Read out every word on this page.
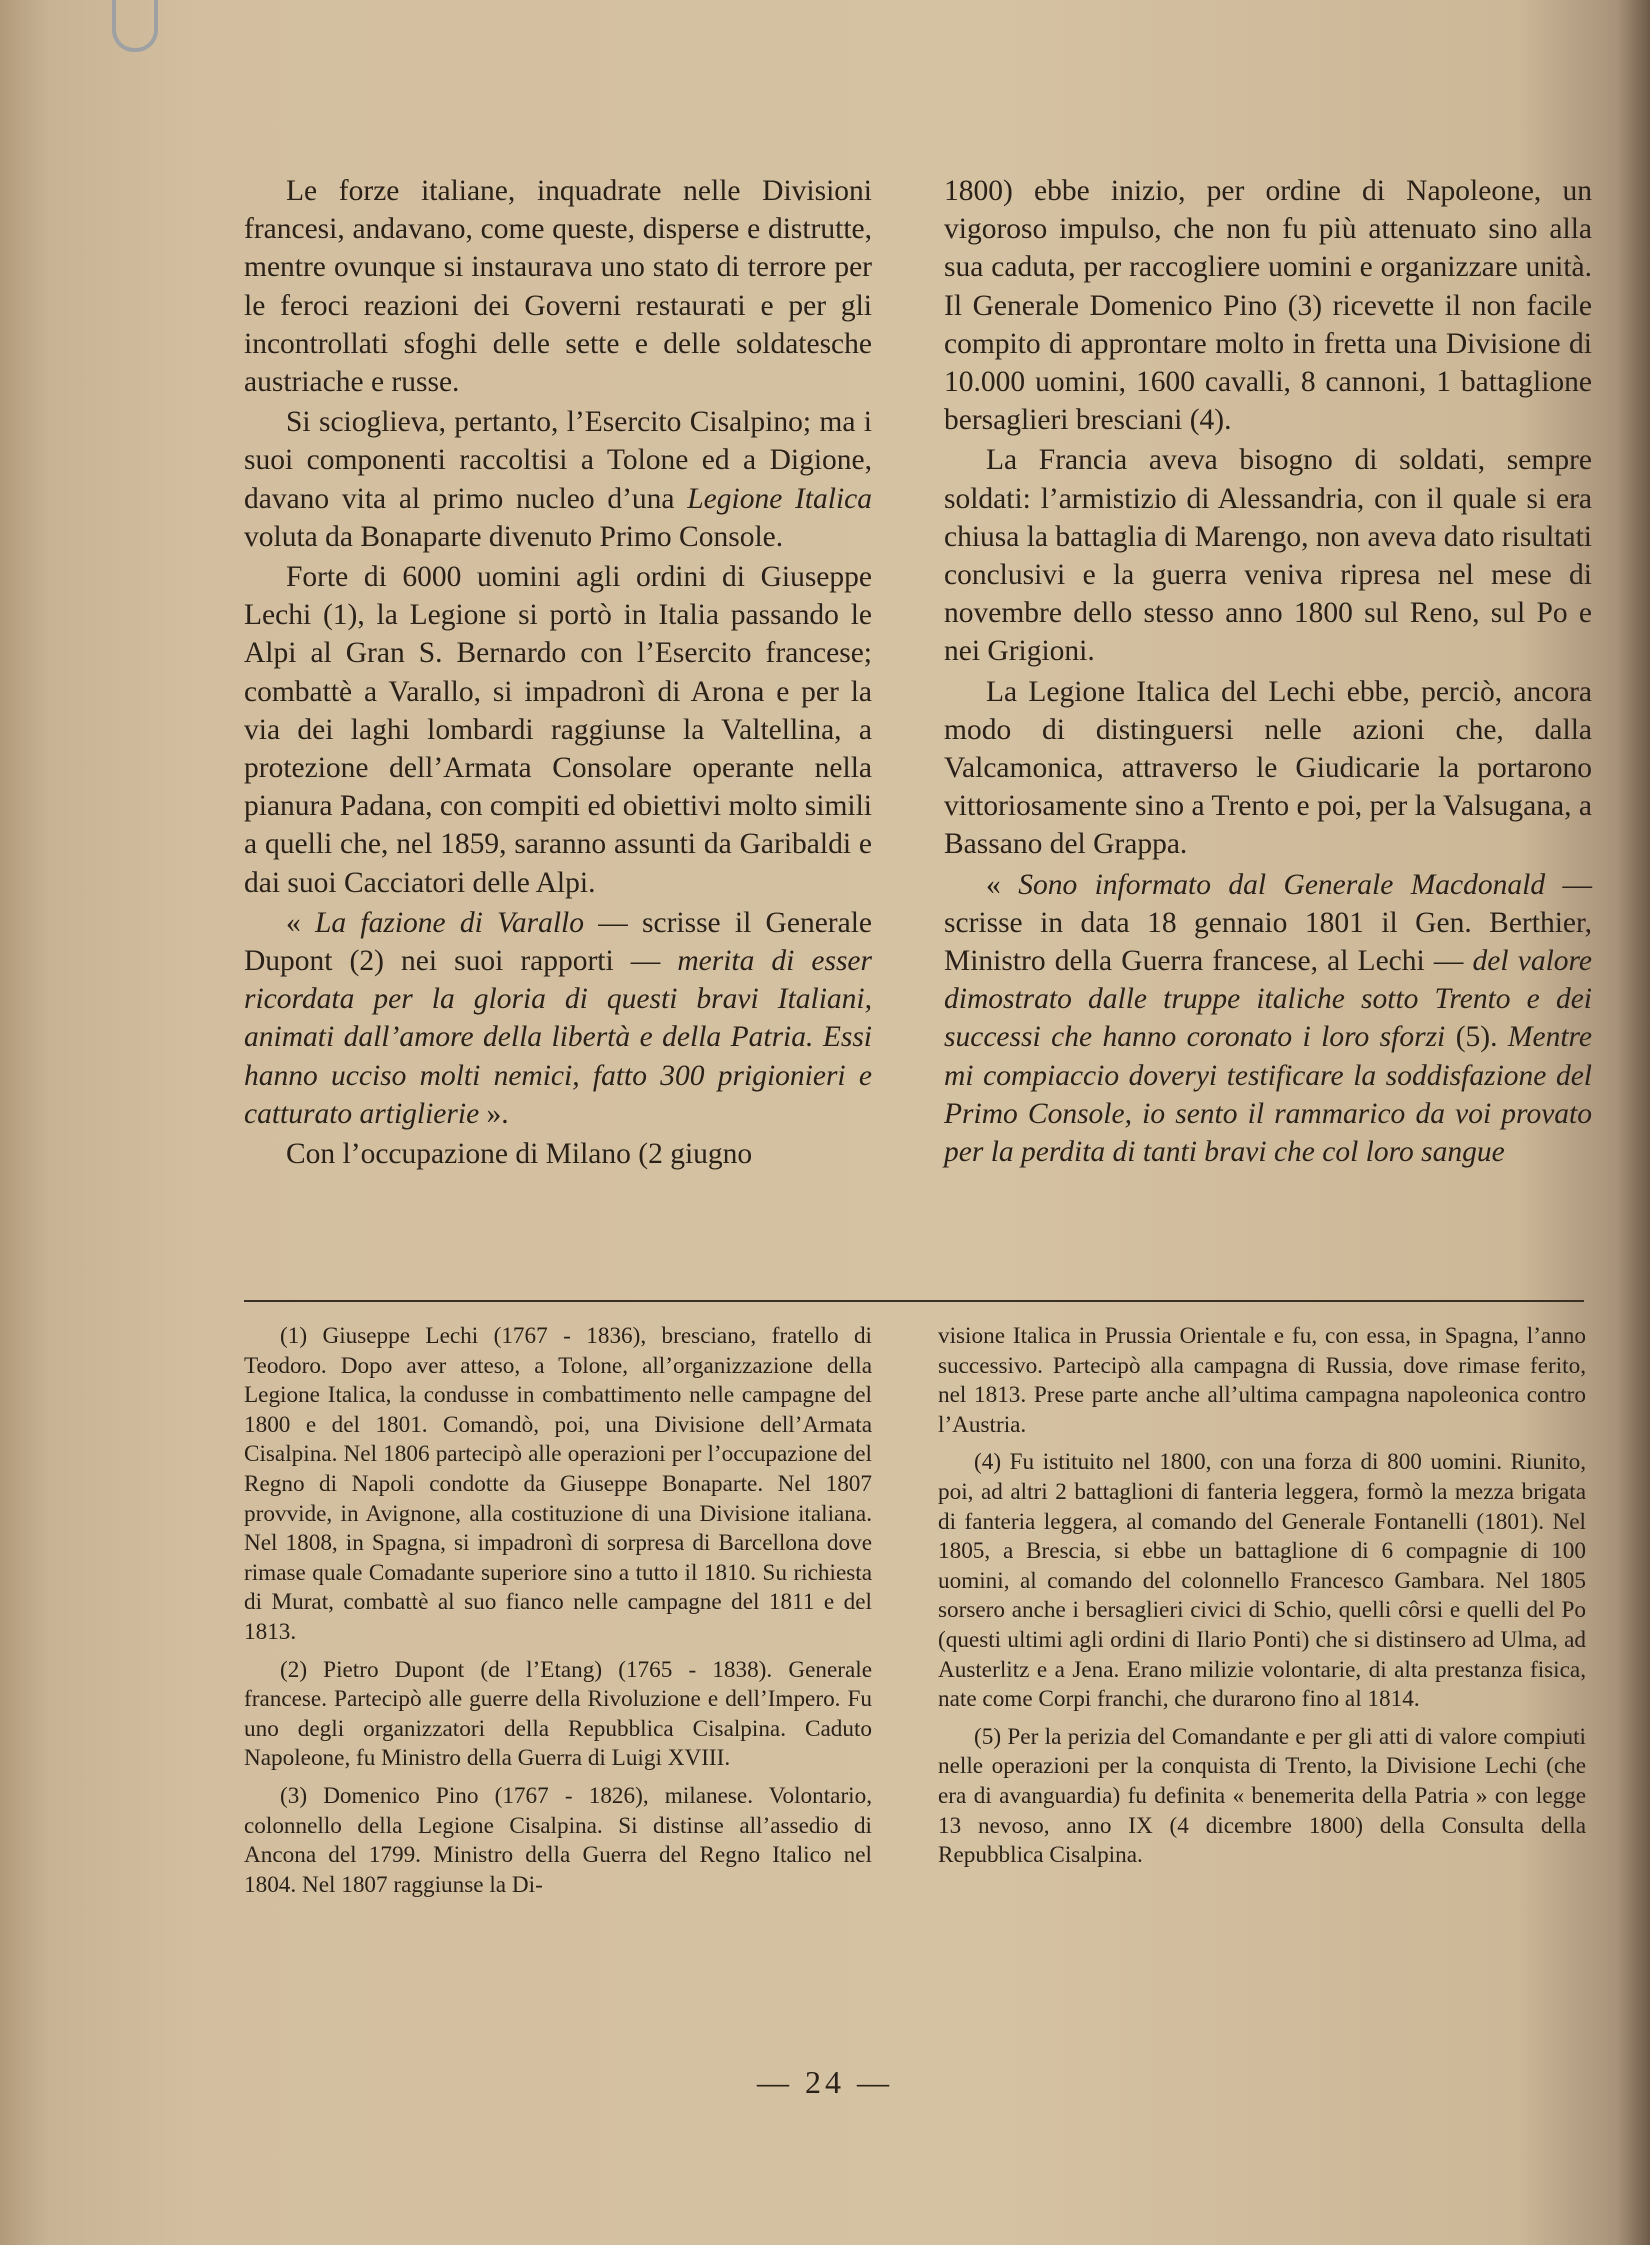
Le forze italiane, inquadrate nelle Divisioni francesi, andavano, come queste, disperse e distrutte, mentre ovunque si instaurava uno stato di terrore per le feroci reazioni dei Governi restaurati e per gli incontrollati sfoghi delle sette e delle soldatesche austriache e russe.

Si scioglieva, pertanto, l’Esercito Cisalpino; ma i suoi componenti raccoltisi a Tolone ed a Digione, davano vita al primo nucleo d’una Legione Italica voluta da Bonaparte divenuto Primo Console.

Forte di 6000 uomini agli ordini di Giuseppe Lechi (1), la Legione si portò in Italia passando le Alpi al Gran S. Bernardo con l’Esercito francese; combattè a Varallo, si impadronì di Arona e per la via dei laghi lombardi raggiunse la Valtellina, a protezione dell’Armata Consolare operante nella pianura Padana, con compiti ed obiettivi molto simili a quelli che, nel 1859, saranno assunti da Garibaldi e dai suoi Cacciatori delle Alpi.

« La fazione di Varallo — scrisse il Generale Dupont (2) nei suoi rapporti — merita di esser ricordata per la gloria di questi bravi Italiani, animati dall’amore della libertà e della Patria. Essi hanno ucciso molti nemici, fatto 300 prigionieri e catturato artiglierie ».

Con l’occupazione di Milano (2 giugno

1800) ebbe inizio, per ordine di Napoleone, un vigoroso impulso, che non fu più attenuato sino alla sua caduta, per raccogliere uomini e organizzare unità. Il Generale Domenico Pino (3) ricevette il non facile compito di approntare molto in fretta una Divisione di 10.000 uomini, 1600 cavalli, 8 cannoni, 1 battaglione bersaglieri bresciani (4).

La Francia aveva bisogno di soldati, sempre soldati: l’armistizio di Alessandria, con il quale si era chiusa la battaglia di Marengo, non aveva dato risultati conclusivi e la guerra veniva ripresa nel mese di novembre dello stesso anno 1800 sul Reno, sul Po e nei Grigioni.

La Legione Italica del Lechi ebbe, perciò, ancora modo di distinguersi nelle azioni che, dalla Valcamonica, attraverso le Giudicarie la portarono vittoriosamente sino a Trento e poi, per la Valsugana, a Bassano del Grappa.

« Sono informato dal Generale Macdonald — scrisse in data 18 gennaio 1801 il Gen. Berthier, Ministro della Guerra francese, al Lechi — del valore dimostrato dalle truppe italiche sotto Trento e dei successi che hanno coronato i loro sforzi (5). Mentre mi compiaccio doveryi testificare la soddisfazione del Primo Console, io sento il rammarico da voi provato per la perdita di tanti bravi che col loro sangue

(1) Giuseppe Lechi (1767 - 1836), bresciano, fratello di Teodoro. Dopo aver atteso, a Tolone, all’organizzazione della Legione Italica, la condusse in combattimento nelle campagne del 1800 e del 1801. Comandò, poi, una Divisione dell’Armata Cisalpina. Nel 1806 partecipò alle operazioni per l’occupazione del Regno di Napoli condotte da Giuseppe Bonaparte. Nel 1807 provvide, in Avignone, alla costituzione di una Divisione italiana. Nel 1808, in Spagna, si impadronì di sorpresa di Barcellona dove rimase quale Comadante superiore sino a tutto il 1810. Su richiesta di Murat, combattè al suo fianco nelle campagne del 1811 e del 1813.

(2) Pietro Dupont (de l’Etang) (1765 - 1838). Generale francese. Partecipò alle guerre della Rivoluzione e dell’Impero. Fu uno degli organizzatori della Repubblica Cisalpina. Caduto Napoleone, fu Ministro della Guerra di Luigi XVIII.

(3) Domenico Pino (1767 - 1826), milanese. Volontario, colonnello della Legione Cisalpina. Si distinse all’assedio di Ancona del 1799. Ministro della Guerra del Regno Italico nel 1804. Nel 1807 raggiunse la Di-

visione Italica in Prussia Orientale e fu, con essa, in Spagna, l’anno successivo. Partecipò alla campagna di Russia, dove rimase ferito, nel 1813. Prese parte anche all’ultima campagna napoleonica contro l’Austria.

(4) Fu istituito nel 1800, con una forza di 800 uomini. Riunito, poi, ad altri 2 battaglioni di fanteria leggera, formò la mezza brigata di fanteria leggera, al comando del Generale Fontanelli (1801). Nel 1805, a Brescia, si ebbe un battaglione di 6 compagnie di 100 uomini, al comando del colonnello Francesco Gambara. Nel 1805 sorsero anche i bersaglieri civici di Schio, quelli côrsi e quelli del Po (questi ultimi agli ordini di Ilario Ponti) che si distinsero ad Ulma, ad Austerlitz e a Jena. Erano milizie volontarie, di alta prestanza fisica, nate come Corpi franchi, che durarono fino al 1814.

(5) Per la perizia del Comandante e per gli atti di valore compiuti nelle operazioni per la conquista di Trento, la Divisione Lechi (che era di avanguardia) fu definita « benemerita della Patria » con legge 13 nevoso, anno IX (4 dicembre 1800) della Consulta della Repubblica Cisalpina.

— 24 —
